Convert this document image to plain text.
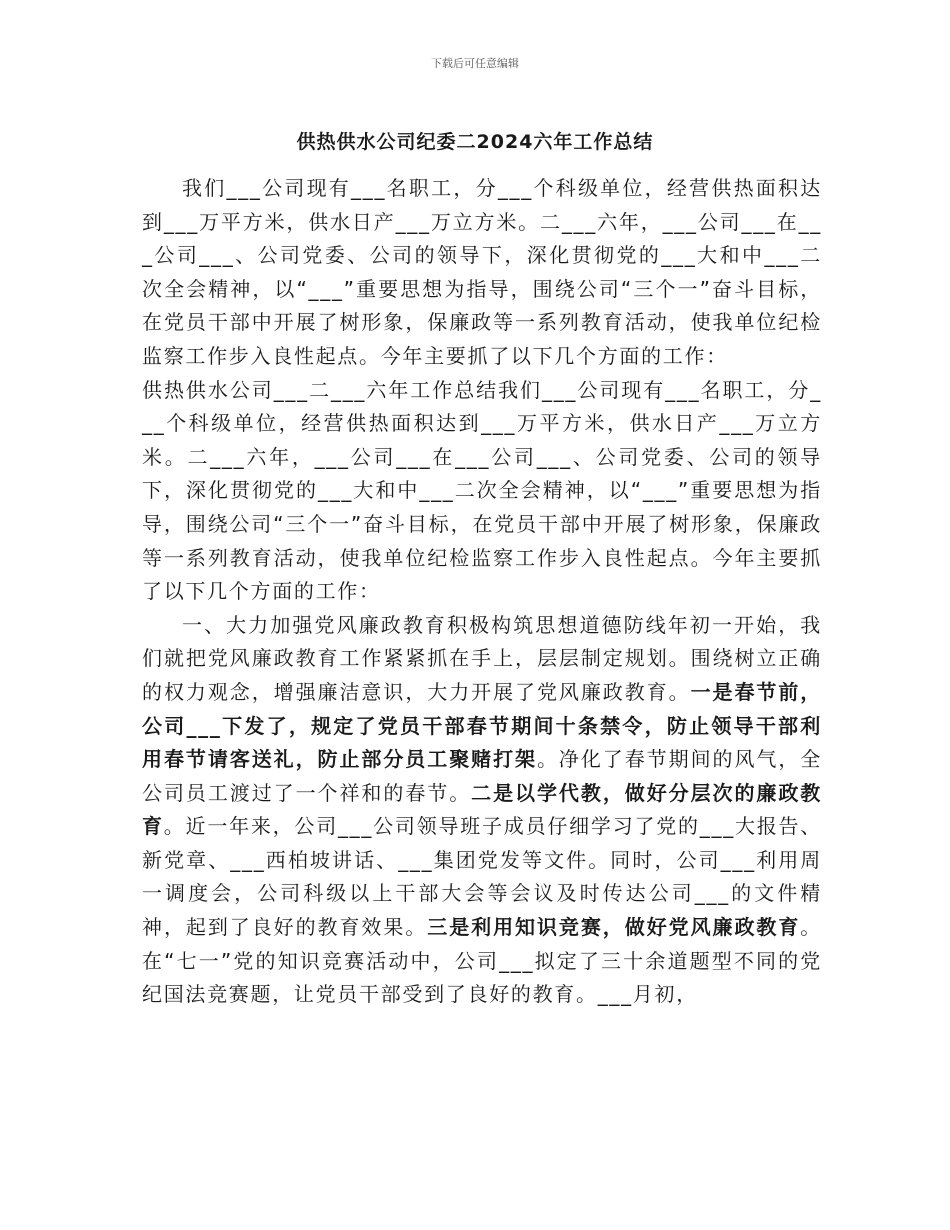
下载后可任意编辑
供热供水公司纪委二2024六年工作总结

我们___公司现有___名职工，分___个科级单位，经营供热面积达到___万平方米，供水日产___万立方米。二___六年，___公司___在___公司___、公司党委、公司的领导下，深化贯彻党的___大和中___二次全会精神，以“___”重要思想为指导，围绕公司“三个一”奋斗目标，在党员干部中开展了树形象，保廉政等一系列教育活动，使我单位纪检监察工作步入良性起点。今年主要抓了以下几个方面的工作：

供热供水公司___二___六年工作总结我们___公司现有___名职工，分___个科级单位，经营供热面积达到___万平方米，供水日产___万立方米。二___六年，___公司___在___公司___、公司党委、公司的领导下，深化贯彻党的___大和中___二次全会精神，以“___”重要思想为指导，围绕公司“三个一”奋斗目标，在党员干部中开展了树形象，保廉政等一系列教育活动，使我单位纪检监察工作步入良性起点。今年主要抓了以下几个方面的工作：

一、大力加强党风廉政教育积极构筑思想道德防线年初一开始，我们就把党风廉政教育工作紧紧抓在手上，层层制定规划。围绕树立正确的权力观念，增强廉洁意识，大力开展了党风廉政教育。一是春节前，公司___下发了，规定了党员干部春节期间十条禁令，防止领导干部利用春节请客送礼，防止部分员工聚赌打架。净化了春节期间的风气，全公司员工渡过了一个祥和的春节。二是以学代教，做好分层次的廉政教育。近一年来，公司___公司领导班子成员仔细学习了党的___大报告、新党章、___西柏坡讲话、___集团党发等文件。同时，公司___利用周一调度会，公司科级以上干部大会等会议及时传达公司___的文件精神，起到了良好的教育效果。三是利用知识竞赛，做好党风廉政教育。在“七一”党的知识竞赛活动中，公司___拟定了三十余道题型不同的党纪国法竞赛题，让党员干部受到了良好的教育。___月初，
